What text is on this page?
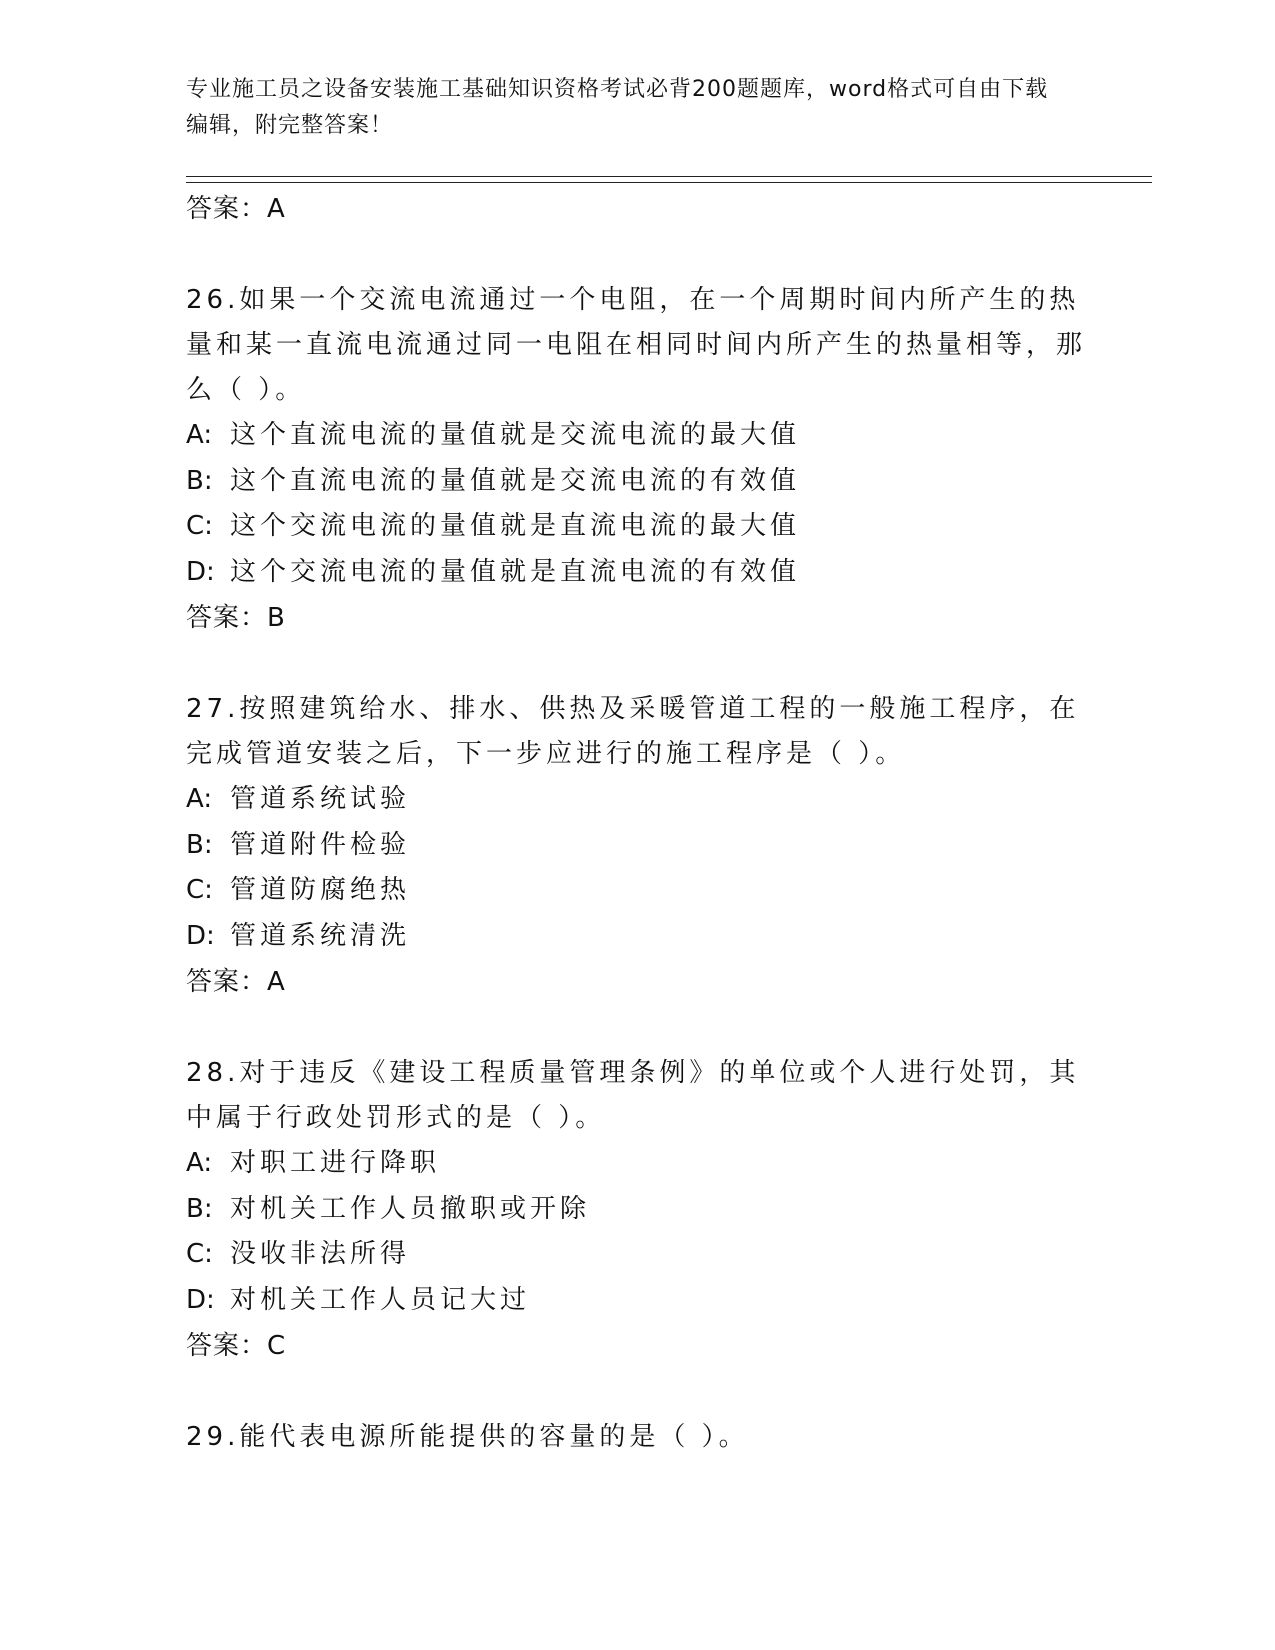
专业施工员之设备安装施工基础知识资格考试必背200题题库，word格式可自由下载编辑，附完整答案！
答案：A
26.如果一个交流电流通过一个电阻，在一个周期时间内所产生的热量和某一直流电流通过同一电阻在相同时间内所产生的热量相等，那么（ ）。
A: 这个直流电流的量值就是交流电流的最大值
B: 这个直流电流的量值就是交流电流的有效值
C: 这个交流电流的量值就是直流电流的最大值
D: 这个交流电流的量值就是直流电流的有效值
答案：B
27.按照建筑给水、排水、供热及采暖管道工程的一般施工程序，在完成管道安装之后，下一步应进行的施工程序是（ ）。
A: 管道系统试验
B: 管道附件检验
C: 管道防腐绝热
D: 管道系统清洗
答案：A
28.对于违反《建设工程质量管理条例》的单位或个人进行处罚，其中属于行政处罚形式的是（ ）。
A: 对职工进行降职
B: 对机关工作人员撤职或开除
C: 没收非法所得
D: 对机关工作人员记大过
答案：C
29.能代表电源所能提供的容量的是（ ）。
